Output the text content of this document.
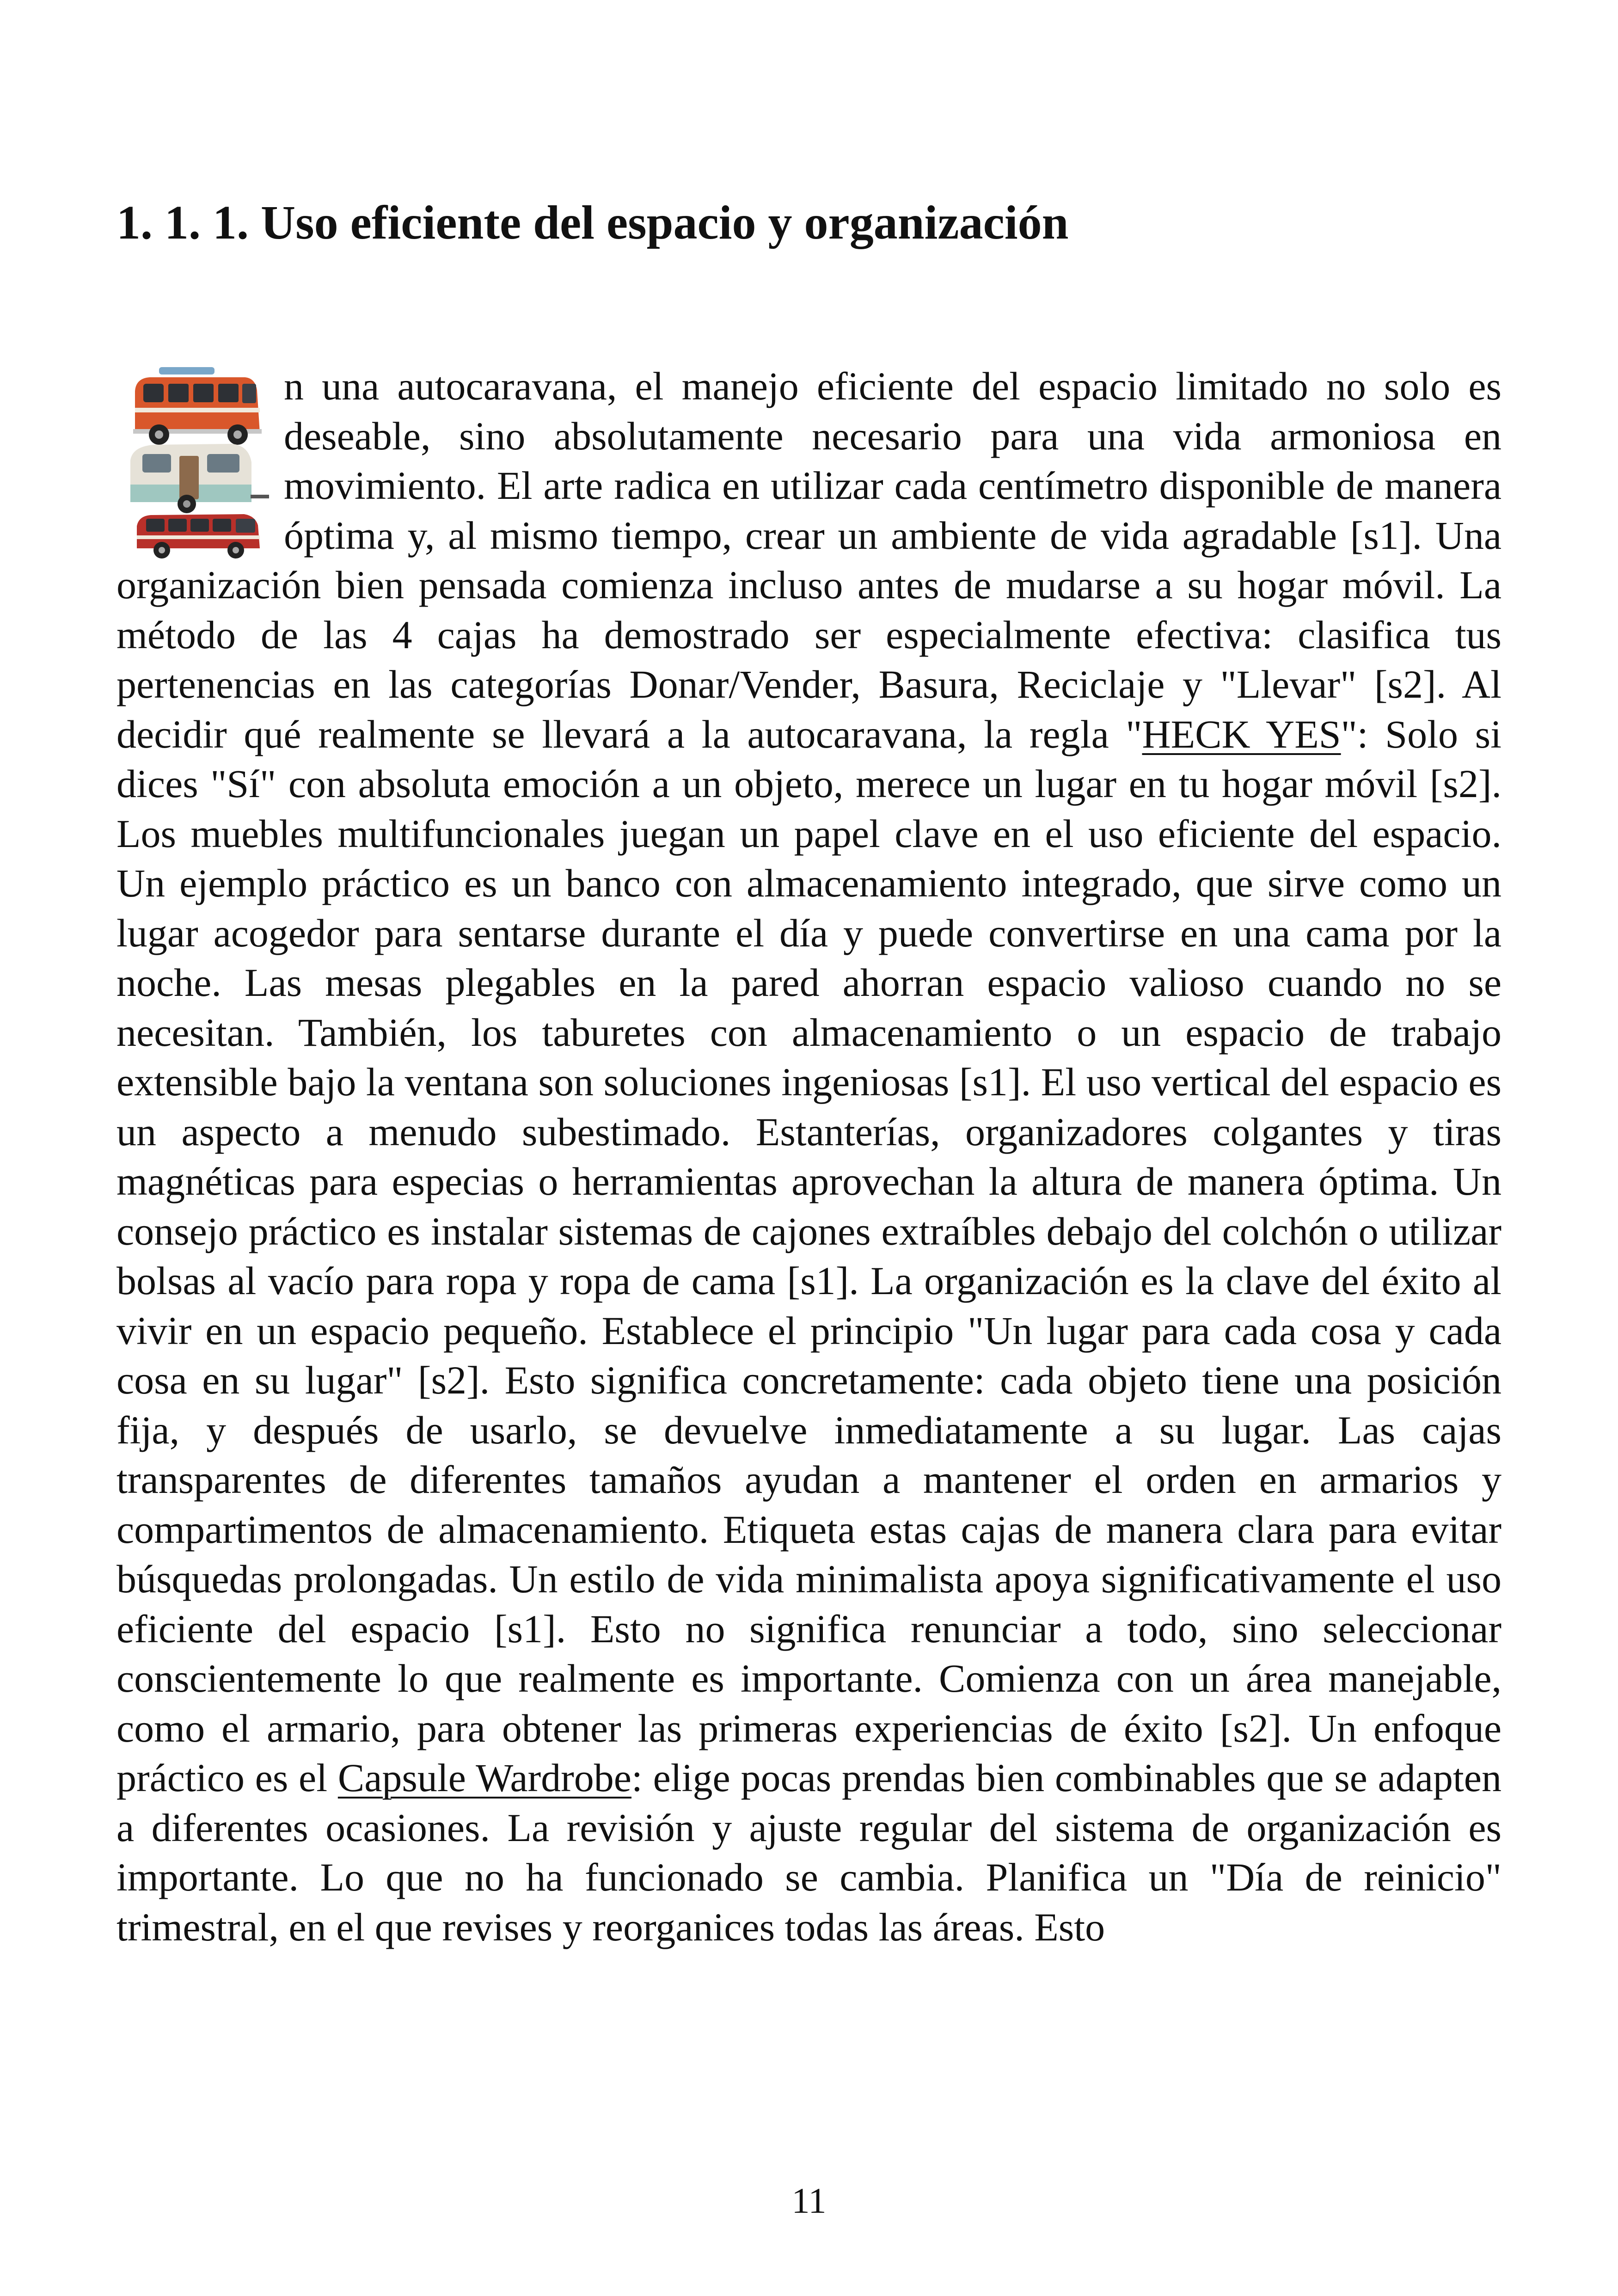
1. 1. 1. Uso eficiente del espacio y organización
n una autocaravana, el manejo eficiente del espacio limitado no solo es deseable, sino absolutamente necesario para una vida armoniosa en movimiento. El arte radica en utilizar cada centímetro disponible de manera óptima y, al mismo tiempo, crear un ambiente de vida agradable [s1]. Una organización bien pensada comienza incluso antes de mudarse a su hogar móvil. La método de las 4 cajas ha demostrado ser especialmente efectiva: clasifica tus pertenencias en las categorías Donar/Vender, Basura, Reciclaje y "Llevar" [s2]. Al decidir qué realmente se llevará a la autocaravana, la regla "HECK YES": Solo si dices "Sí" con absoluta emoción a un objeto, merece un lugar en tu hogar móvil [s2]. Los muebles multifuncionales juegan un papel clave en el uso eficiente del espacio. Un ejemplo práctico es un banco con almacenamiento integrado, que sirve como un lugar acogedor para sentarse durante el día y puede convertirse en una cama por la noche. Las mesas plegables en la pared ahorran espacio valioso cuando no se necesitan. También, los taburetes con almacenamiento o un espacio de trabajo extensible bajo la ventana son soluciones ingeniosas [s1]. El uso vertical del espacio es un aspecto a menudo subestimado. Estanterías, organizadores colgantes y tiras magnéticas para especias o herramientas aprovechan la altura de manera óptima. Un consejo práctico es instalar sistemas de cajones extraíbles debajo del colchón o utilizar bolsas al vacío para ropa y ropa de cama [s1]. La organización es la clave del éxito al vivir en un espacio pequeño. Establece el principio "Un lugar para cada cosa y cada cosa en su lugar" [s2]. Esto significa concretamente: cada objeto tiene una posición fija, y después de usarlo, se devuelve inmediatamente a su lugar. Las cajas transparentes de diferentes tamaños ayudan a mantener el orden en armarios y compartimentos de almacenamiento. Etiqueta estas cajas de manera clara para evitar búsquedas prolongadas. Un estilo de vida minimalista apoya significativamente el uso eficiente del espacio [s1]. Esto no significa renunciar a todo, sino seleccionar conscientemente lo que realmente es importante. Comienza con un área manejable, como el armario, para obtener las primeras experiencias de éxito [s2]. Un enfoque práctico es el Capsule Wardrobe: elige pocas prendas bien combinables que se adapten a diferentes ocasiones. La revisión y ajuste regular del sistema de organización es importante. Lo que no ha funcionado se cambia. Planifica un "Día de reinicio" trimestral, en el que revises y reorganices todas las áreas. Esto
11
